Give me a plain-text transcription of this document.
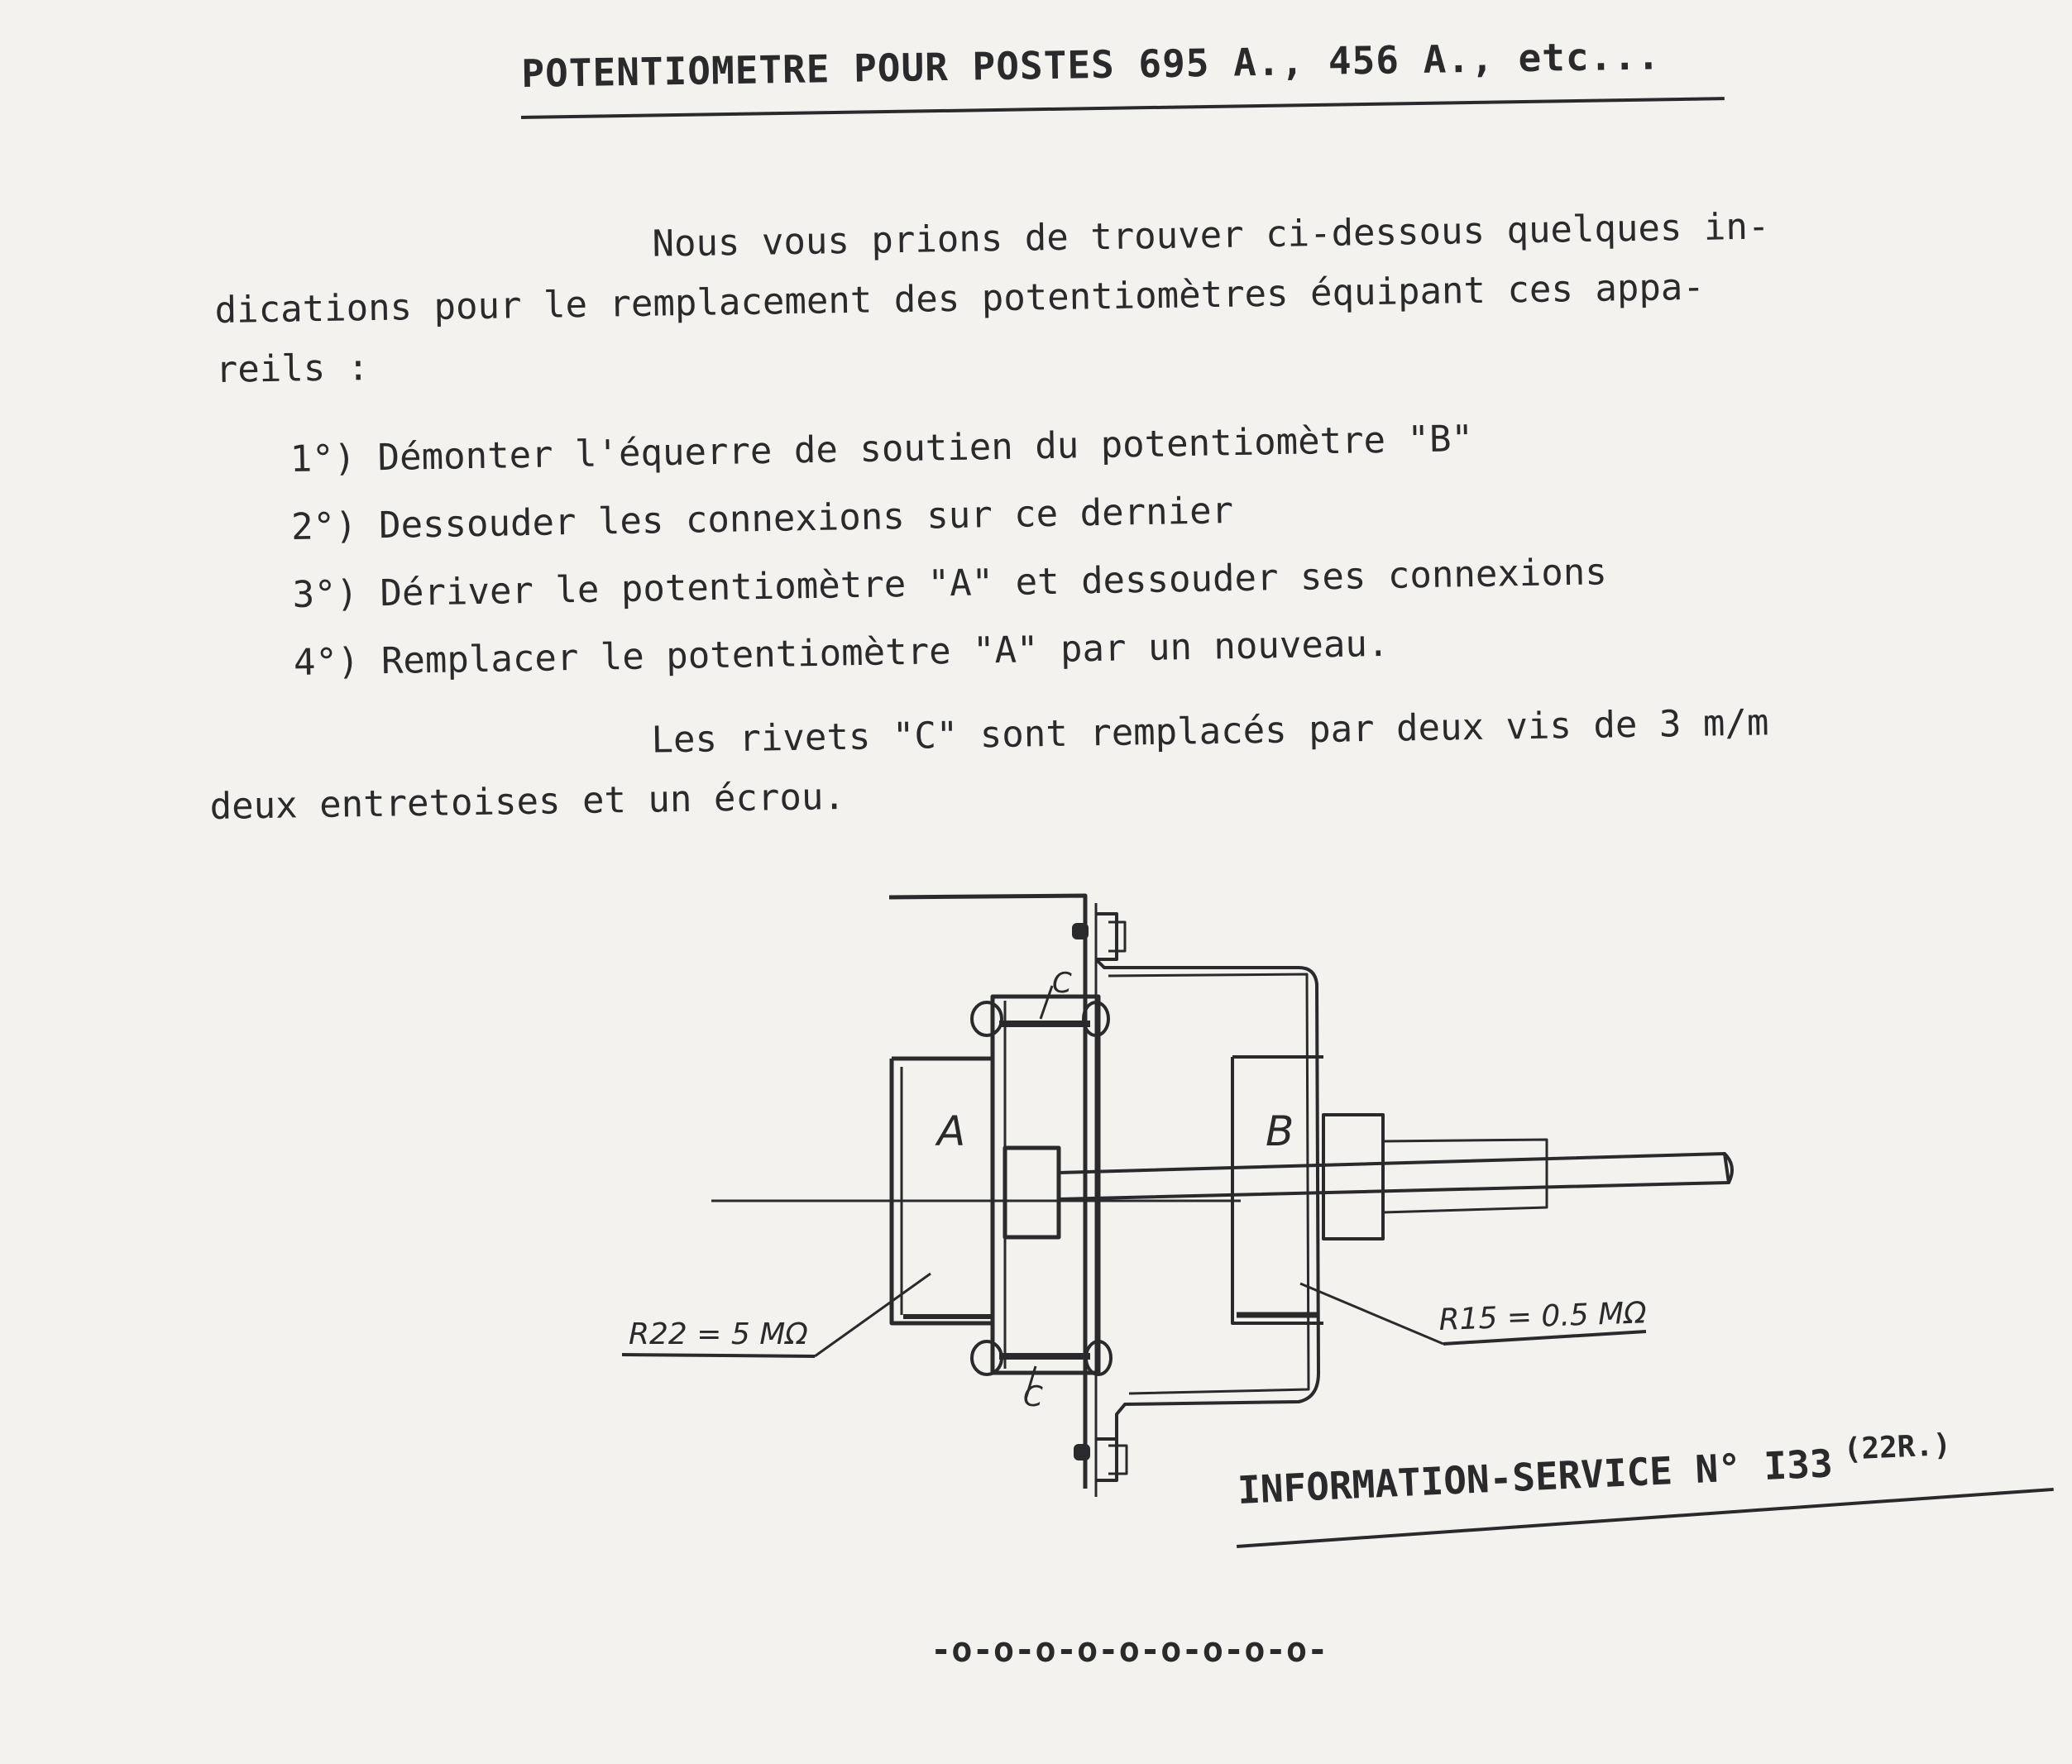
POTENTIOMETRE POUR POSTES 695 A., 456 A., etc...
Nous vous prions de trouver ci-dessous quelques in-
dications pour le remplacement des potentiomètres équipant ces appa-
reils :
1°) Démonter l'équerre de soutien du potentiomètre "B"
2°) Dessouder les connexions sur ce dernier
3°) Dériver le potentiomètre "A" et dessouder ses connexions
4°) Remplacer le potentiomètre "A" par un nouveau.
Les rivets "C" sont remplacés par deux vis de 3 m/m
deux entretoises et un écrou.
A	B
C
C
R22 = 5 MΩ	R15 = 0.5 MΩ
INFORMATION-SERVICE N° I33 $^{(22R.)}$
-o-o-o-o-o-o-o-o-o-
